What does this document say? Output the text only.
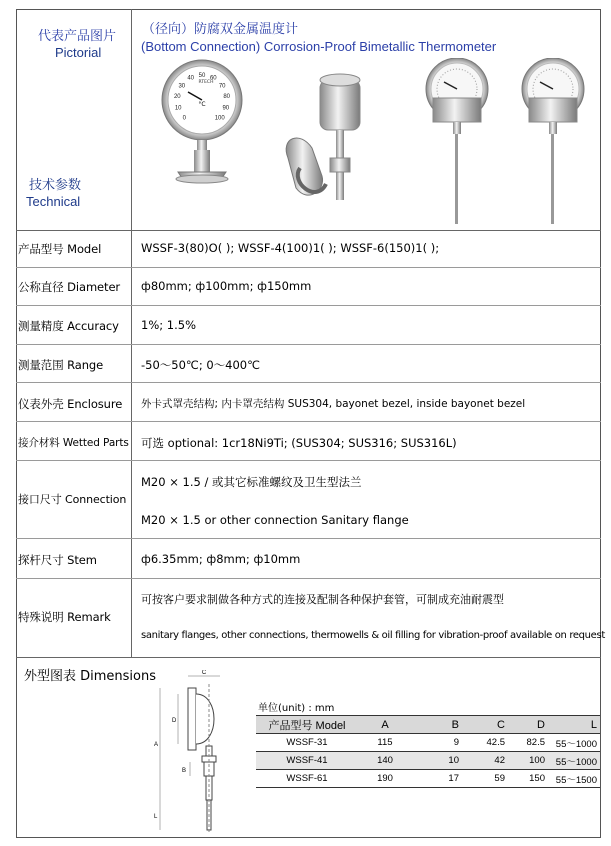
代表产品图片
Pictorial
技术参数
Technical
（径向）防腐双金属温度计
(Bottom Connection) Corrosion-Proof Bimetallic Thermometer
RTECH
0
10
20
30
40 50 60
70
80
90
100
°C
产品型号 Model	WSSF-3(80)O( ); WSSF-4(100)1( ); WSSF-6(150)1( );
公称直径 Diameter	ф80mm; ф100mm; ф150mm
测量精度 Accuracy	1%; 1.5%
测量范围 Range	-50～50℃; 0～400℃
仪表外壳 Enclosure	外卡式罩壳结构; 内卡罩壳结构 SUS304, bayonet bezel, inside bayonet bezel
接介材料 Wetted Parts 可选 optional: 1cr18Ni9Ti; (SUS304; SUS316; SUS316L)
接口尺寸 Connection
M20 × 1.5 / 或其它标准螺纹及卫生型法兰
M20 × 1.5 or other connection Sanitary flange
探杆尺寸 Stem	ф6.35mm; ф8mm; ф10mm
特殊说明 Remark
可按客户要求制做各种方式的连接及配制各种保护套管，可制成充油耐震型
sanitary flanges, other connections, thermowells & oil filling for vibration-proof available on request
外型图表 Dimensions	C
D
A
B
L
单位(unit) : mm
产品型号 Model	A	B	C	D	L
WSSF-31	115	9	42.5	82.5	55～1000
WSSF-41	140	10	42	100	55～1000
WSSF-61	190	17	59	150	55～1500
